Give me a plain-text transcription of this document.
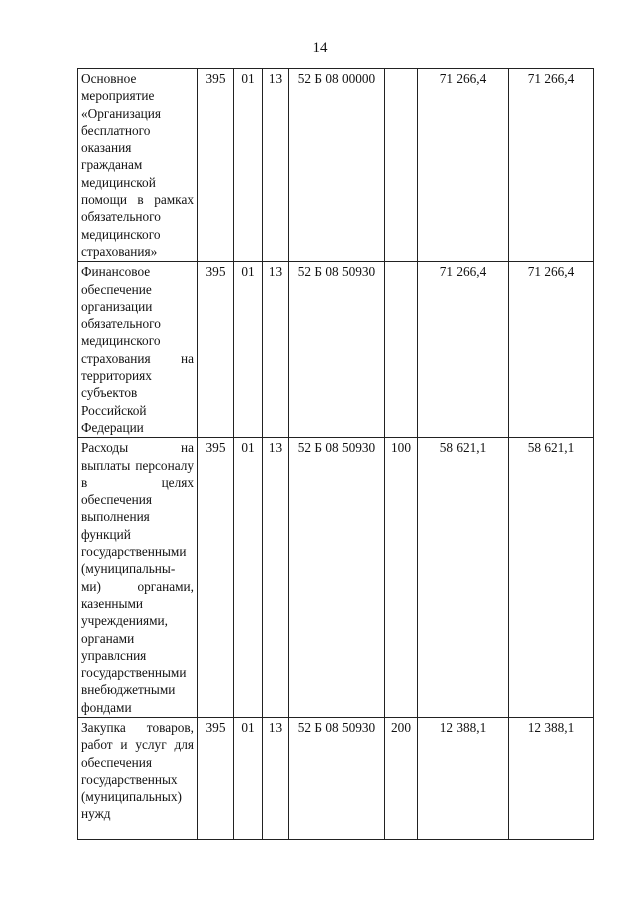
14
Основное мероприятие «Организация бесплатного оказания гражданам медицинской помощи в рамках обязательного медицинского страхования»	395	01	13	52 Б 08 00000		71 266,4	71 266,4
Финансовое обеспечение организации обязательного медицинского страхования на территориях субъектов Российской Федерации	395	01	13	52 Б 08 50930		71 266,4	71 266,4
Расходы на выплаты персоналу в целях обеспечения выполнения функций государственными (муниципальны-ми) органами, казенными учреждениями, органами управлсния государственными внебюджетными фондами	395	01	13	52 Б 08 50930	100	58 621,1	58 621,1
Закупка товаров, работ и услуг для обеспечения государственных (муниципальных) нужд	395	01	13	52 Б 08 50930	200	12 388,1	12 388,1
